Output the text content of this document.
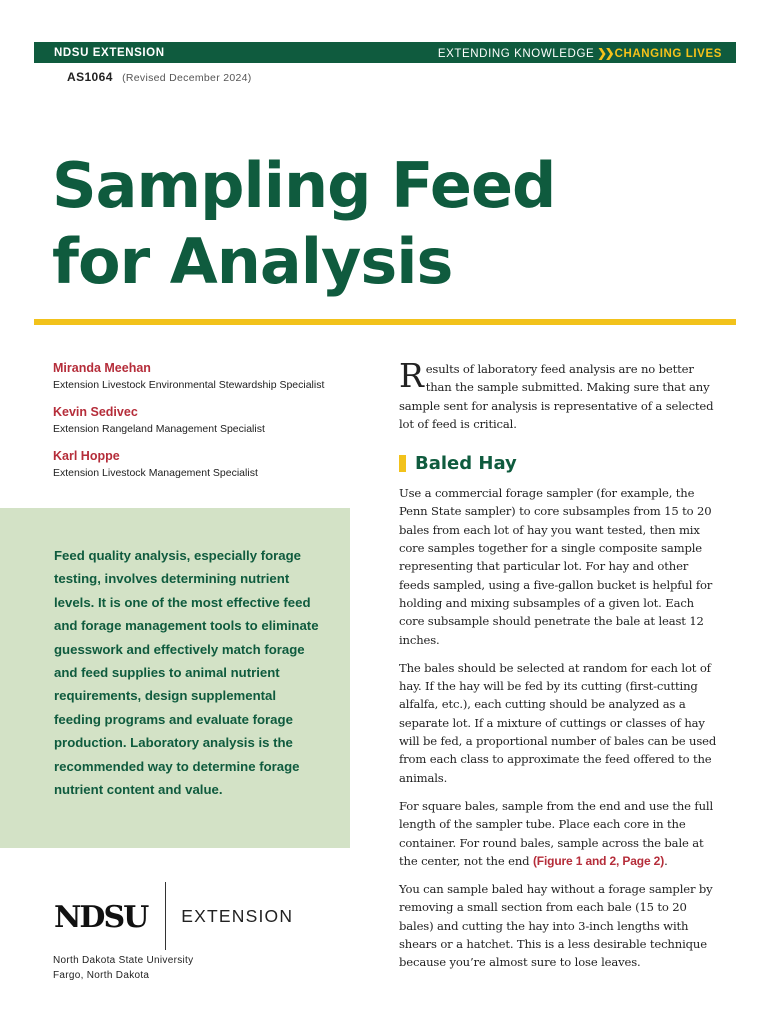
NDSU EXTENSION	EXTENDING KNOWLEDGE ❯❯ CHANGING LIVES
AS1064 (Revised December 2024)
Sampling Feed
for Analysis
Miranda Meehan
Extension Livestock Environmental Stewardship Specialist
Kevin Sedivec
Extension Rangeland Management Specialist
Karl Hoppe
Extension Livestock Management Specialist

Feed quality analysis, especially forage testing, involves determining nutrient levels. It is one of the most effective feed and forage management tools to eliminate guesswork and effectively match forage and feed supplies to animal nutrient requirements, design supplemental feeding programs and evaluate forage production. Laboratory analysis is the recommended way to determine forage nutrient content and value.

NDSU EXTENSION
North Dakota State University
Fargo, North Dakota

Results of laboratory feed analysis are no better than the sample submitted. Making sure that any sample sent for analysis is representative of a selected lot of feed is critical.

Baled Hay

Use a commercial forage sampler (for example, the Penn State sampler) to core subsamples from 15 to 20 bales from each lot of hay you want tested, then mix core samples together for a single composite sample representing that particular lot. For hay and other feeds sampled, using a five-gallon bucket is helpful for holding and mixing subsamples of a given lot. Each core subsample should penetrate the bale at least 12 inches.

The bales should be selected at random for each lot of hay. If the hay will be fed by its cutting (first-cutting alfalfa, etc.), each cutting should be analyzed as a separate lot. If a mixture of cuttings or classes of hay will be fed, a proportional number of bales can be used from each class to approximate the feed offered to the animals.

For square bales, sample from the end and use the full length of the sampler tube. Place each core in the container. For round bales, sample across the bale at the center, not the end (Figure 1 and 2, Page 2).

You can sample baled hay without a forage sampler by removing a small section from each bale (15 to 20 bales) and cutting the hay into 3-inch lengths with shears or a hatchet. This is a less desirable technique because you’re almost sure to lose leaves.
